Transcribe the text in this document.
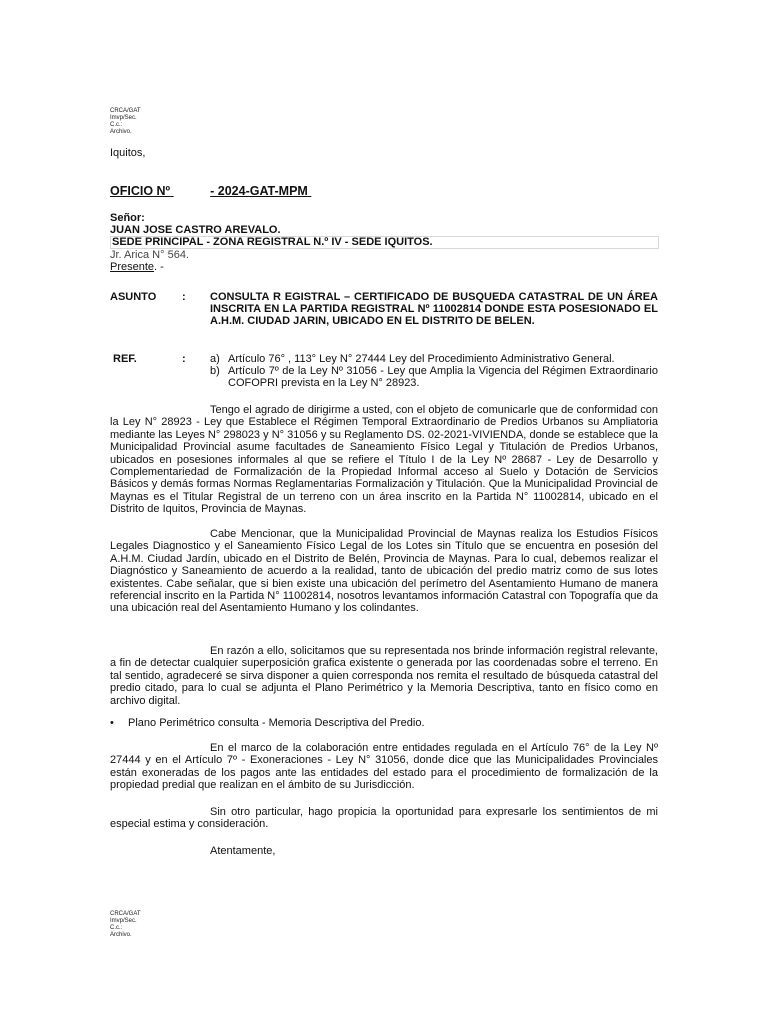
CRCA/GAT
Imvp/Sec.
C.c.:
Archivo.
Iquitos,
OFICIO Nº	- 2024-GAT-MPM
Señor:
JUAN JOSE CASTRO AREVALO.
SEDE PRINCIPAL - ZONA REGISTRAL N.º IV - SEDE IQUITOS.
Jr. Arica N° 564.
Presente. -
ASUNTO : CONSULTA R EGISTRAL – CERTIFICADO DE BUSQUEDA CATASTRAL DE UN ÁREA INSCRITA EN LA PARTIDA REGISTRAL Nº 11002814 DONDE ESTA POSESIONADO EL A.H.M. CIUDAD JARIN, UBICADO EN EL DISTRITO DE BELEN.
REF.	: a) Artículo 76° , 113° Ley N° 27444 Ley del Procedimiento Administrativo General.
b) Artículo 7º de la Ley Nº 31056 - Ley que Amplia la Vigencia del Régimen Extraordinario COFOPRI prevista en la Ley N° 28923.

Tengo el agrado de dirigirme a usted, con el objeto de comunicarle que de conformidad con la Ley N° 28923 - Ley que Establece el Régimen Temporal Extraordinario de Predios Urbanos su Ampliatoria mediante las Leyes N° 298023 y N° 31056 y su Reglamento DS. 02-2021-VIVIENDA, donde se establece que la Municipalidad Provincial asume facultades de Saneamiento Físico Legal y Titulación de Predios Urbanos, ubicados en posesiones informales al que se refiere el Título I de la Ley Nº 28687 - Ley de Desarrollo y Complementariedad de Formalización de la Propiedad Informal acceso al Suelo y Dotación de Servicios Básicos y demás formas Normas Reglamentarias Formalización y Titulación. Que la Municipalidad Provincial de Maynas es el Titular Registral de un terreno con un área inscrito en la Partida N° 11002814, ubicado en el Distrito de Iquitos, Provincia de Maynas.

Cabe Mencionar, que la Municipalidad Provincial de Maynas realiza los Estudios Físicos Legales Diagnostico y el Saneamiento Físico Legal de los Lotes sin Título que se encuentra en posesión del A.H.M. Ciudad Jardín, ubicado en el Distrito de Belén, Provincia de Maynas. Para lo cual, debemos realizar el Diagnóstico y Saneamiento de acuerdo a la realidad, tanto de ubicación del predio matriz como de sus lotes existentes. Cabe señalar, que si bien existe una ubicación del perímetro del Asentamiento Humano de manera referencial inscrito en la Partida N° 11002814, nosotros levantamos información Catastral con Topografía que da una ubicación real del Asentamiento Humano y los colindantes.

En razón a ello, solicitamos que su representada nos brinde información registral relevante, a fin de detectar cualquier superposición grafica existente o generada por las coordenadas sobre el terreno. En tal sentido, agradeceré se sirva disponer a quien corresponda nos remita el resultado de búsqueda catastral del predio citado, para lo cual se adjunta el Plano Perimétrico y la Memoria Descriptiva, tanto en físico como en archivo digital.

• Plano Perimétrico consulta - Memoria Descriptiva del Predio.

En el marco de la colaboración entre entidades regulada en el Artículo 76° de la Ley Nº 27444 y en el Artículo 7º - Exoneraciones - Ley N° 31056, donde dice que las Municipalidades Provinciales están exoneradas de los pagos ante las entidades del estado para el procedimiento de formalización de la propiedad predial que realizan en el ámbito de su Jurisdicción.

Sin otro particular, hago propicia la oportunidad para expresarle los sentimientos de mi especial estima y consideración.

Atentamente,
CRCA/GAT
Imvp/Sec.
C.c.:
Archivo.
